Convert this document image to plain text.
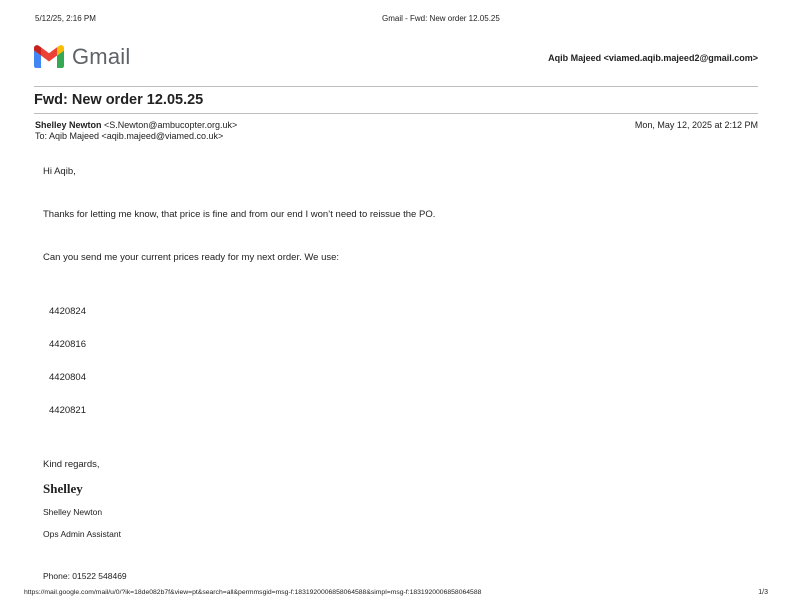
5/12/25, 2:16 PM	Gmail - Fwd: New order 12.05.25
Gmail	Aqib Majeed <viamed.aqib.majeed2@gmail.com>
Fwd: New order 12.05.25
Shelley Newton <S.Newton@ambucopter.org.uk>	Mon, May 12, 2025 at 2:12 PM
To: Aqib Majeed <aqib.majeed@viamed.co.uk>
Hi Aqib,
Thanks for letting me know, that price is fine and from our end I won’t need to reissue the PO.
Can you send me your current prices ready for my next order. We use:
4420824
4420816
4420804
4420821
Kind regards,
Shelley
Shelley Newton
Ops Admin Assistant
Phone: 01522 548469
https://mail.google.com/mail/u/0/?ik=18de082b7f&view=pt&search=all&permmsgid=msg-f:1831920006858064588&simpl=msg-f:1831920006858064588	1/3
